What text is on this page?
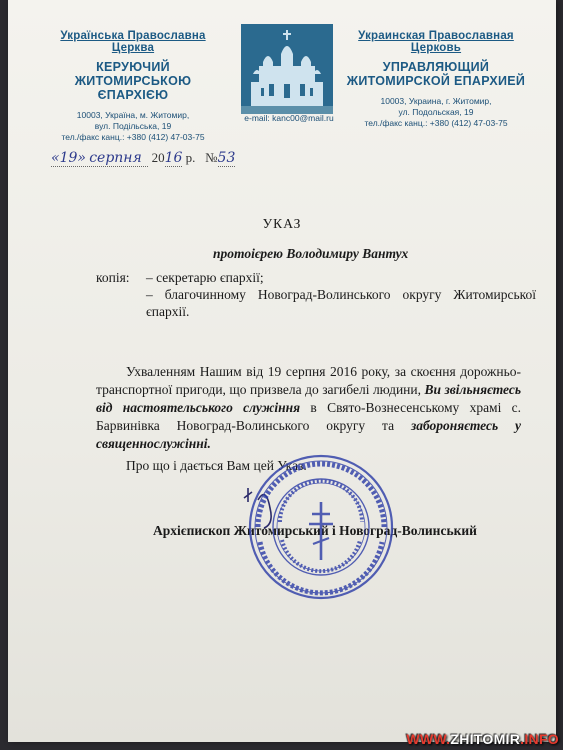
Українська Православна Церква
КЕРУЮЧИЙ
ЖИТОМИРСЬКОЮ ЄПАРХІЄЮ
10003, Україна, м. Житомир,
вул. Подільська, 19
тел./факс канц.: +380 (412) 47-03-75
e-mail: kanc00@mail.ru
Украинская Православная Церковь
УПРАВЛЯЮЩИЙ
ЖИТОМИРСКОЙ ЕПАРХИЕЙ
10003, Украина, г. Житомир,
ул. Подольская, 19
тел./факс канц.: +380 (412) 47-03-75
«19» серпня 2016 р. №53
УКАЗ
протоієрею Володимиру Вантух
копія:	– секретарю єпархії;
– благочинному Новоград-Волинського округу Житомирської єпархії.

Ухваленням Нашим від 19 серпня 2016 року, за скоєння дорожньо-транспортної пригоди, що призвела до загибелі людини, Ви звільняєтесь від настоятельського служіння в Свято-Вознесенському храмі с. Барвинівка Новоград-Волинського округу та забороняєтесь у священнослужінні.

Про що і дається Вам цей Указ.

Архієпископ Житомирський і Новоград-Волинський
WWW.ZHITOMIR.INFO
